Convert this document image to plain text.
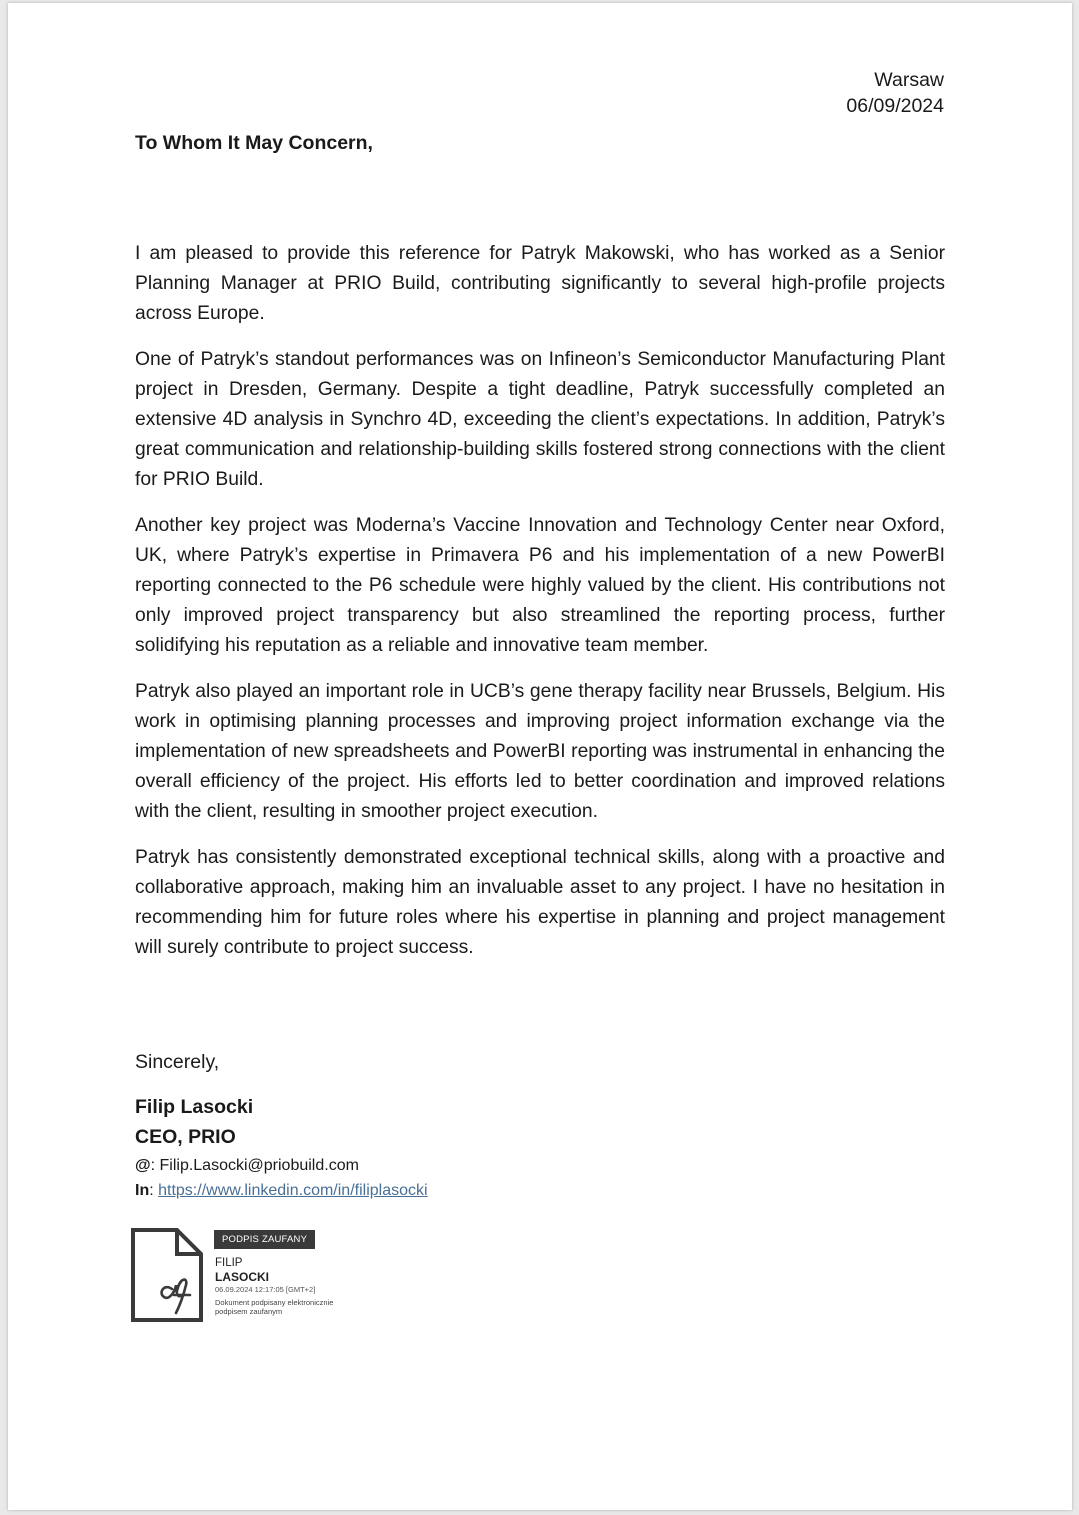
Warsaw
06/09/2024
To Whom It May Concern,

I am pleased to provide this reference for Patryk Makowski, who has worked as a Senior Planning Manager at PRIO Build, contributing significantly to several high-profile projects across Europe.

One of Patryk’s standout performances was on Infineon’s Semiconductor Manufacturing Plant project in Dresden, Germany. Despite a tight deadline, Patryk successfully completed an extensive 4D analysis in Synchro 4D, exceeding the client’s expectations. In addition, Patryk’s great communication and relationship-building skills fostered strong connections with the client for PRIO Build.

Another key project was Moderna’s Vaccine Innovation and Technology Center near Oxford, UK, where Patryk’s expertise in Primavera P6 and his implementation of a new PowerBI reporting connected to the P6 schedule were highly valued by the client. His contributions not only improved project transparency but also streamlined the reporting process, further solidifying his reputation as a reliable and innovative team member.

Patryk also played an important role in UCB’s gene therapy facility near Brussels, Belgium. His work in optimising planning processes and improving project information exchange via the implementation of new spreadsheets and PowerBI reporting was instrumental in enhancing the overall efficiency of the project. His efforts led to better coordination and improved relations with the client, resulting in smoother project execution.

Patryk has consistently demonstrated exceptional technical skills, along with a proactive and collaborative approach, making him an invaluable asset to any project. I have no hesitation in recommending him for future roles where his expertise in planning and project management will surely contribute to project success.

Sincerely,
Filip Lasocki
CEO, PRIO
@: Filip.Lasocki@priobuild.com
In: https://www.linkedin.com/in/filiplasocki
PODPIS ZAUFANY
FILIP
LASOCKI
06.09.2024 12:17:05 [GMT+2]
Dokument podpisany elektronicznie podpisem zaufanym
